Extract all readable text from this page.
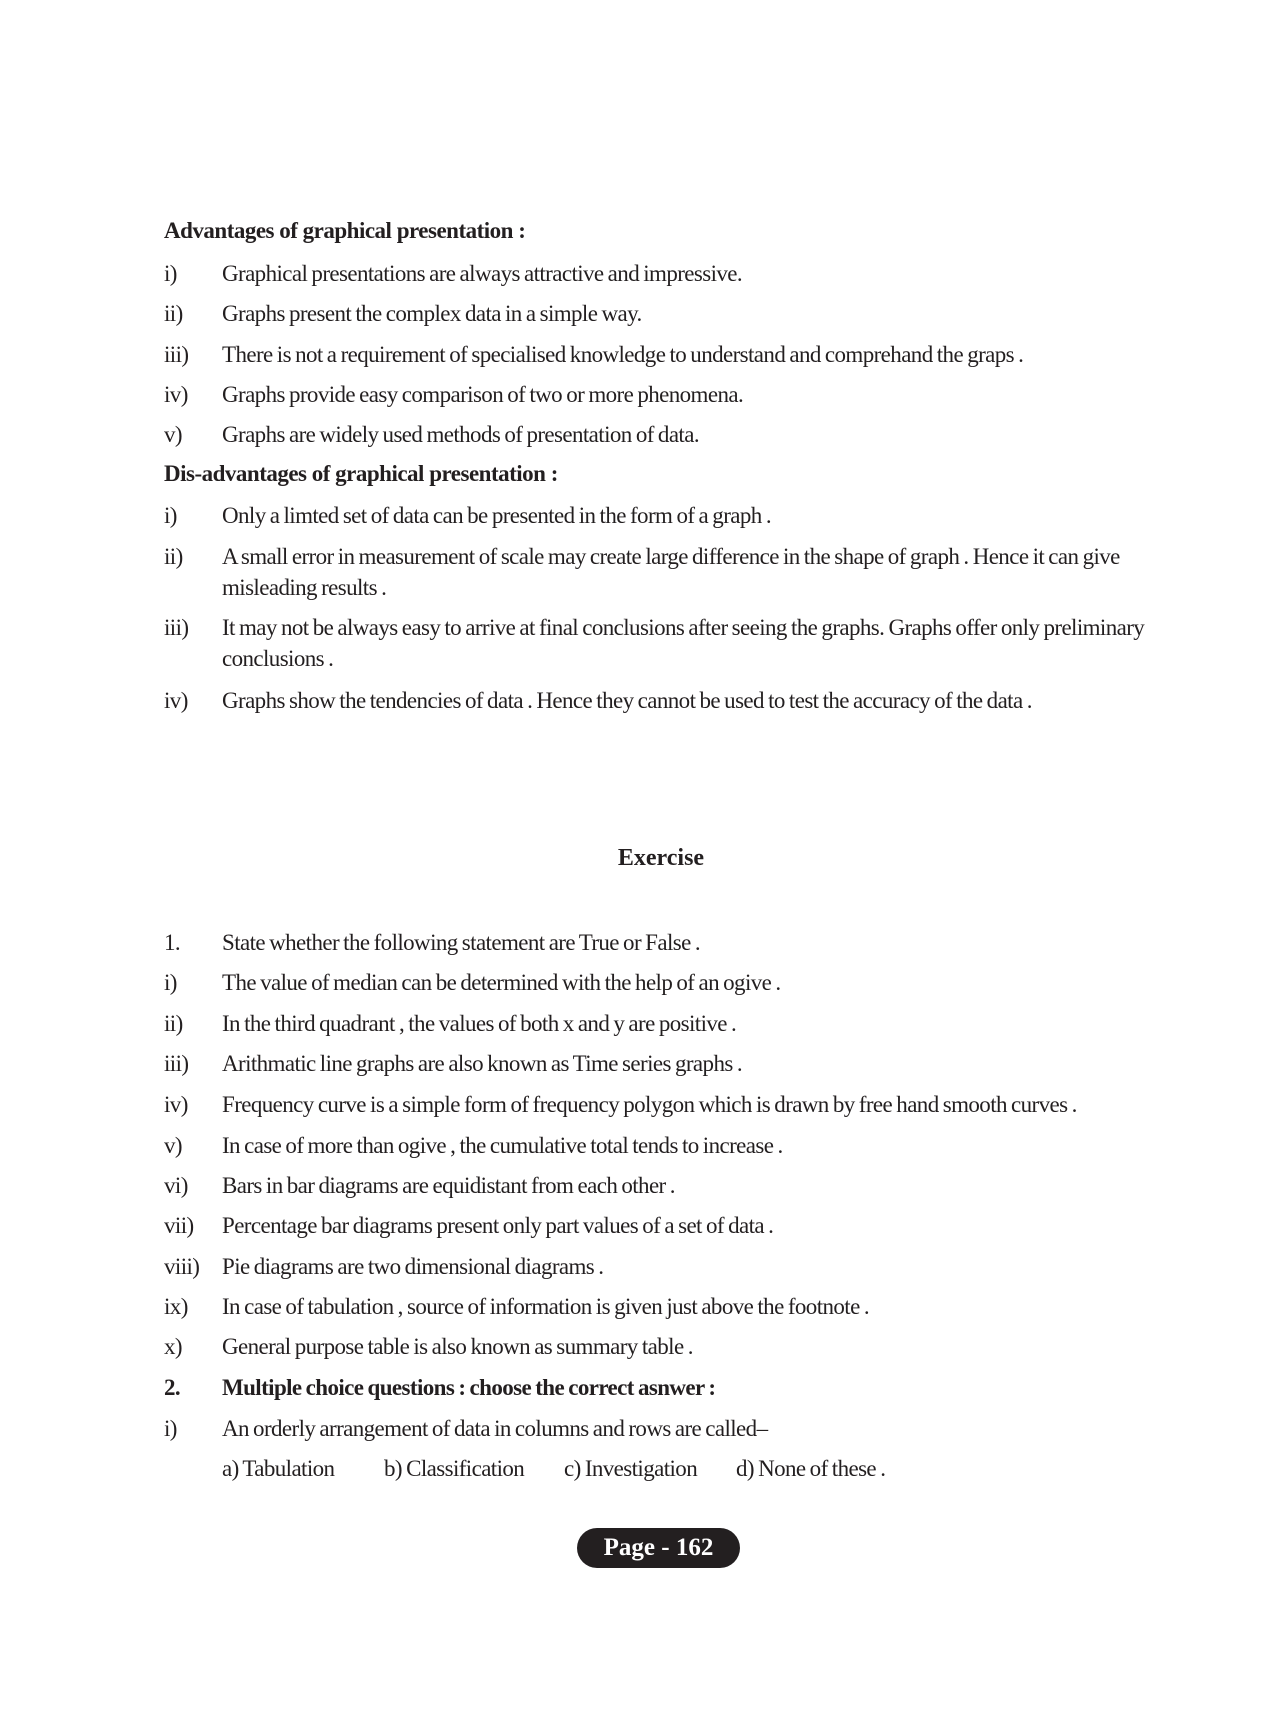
Advantages of graphical presentation :
i) Graphical presentations are always attractive and impressive.
ii) Graphs present the complex data in a simple way.
iii) There is not a requirement of specialised knowledge to understand and comprehand the graps .
iv) Graphs provide easy comparison of two or more phenomena.
v) Graphs are widely used methods of presentation of data.
Dis-advantages of graphical presentation :
i) Only a limted set of data can be presented in the form of a graph .
ii) A small error in measurement of scale may create large difference in the shape of graph . Hence it can give misleading results .
iii) It may not be always easy to arrive at final conclusions after seeing the graphs. Graphs offer only preliminary conclusions .
iv) Graphs show the tendencies of data . Hence they cannot be used to test the accuracy of the data .
Exercise
1. State whether the following statement are True or False .
i) The value of median can be determined with the help of an ogive .
ii) In the third quadrant , the values of both x and y are positive .
iii) Arithmatic line graphs are also known as Time series graphs .
iv) Frequency curve is a simple form of frequency polygon which is drawn by free hand smooth curves .
v) In case of more than ogive , the cumulative total tends to increase .
vi) Bars in bar diagrams are equidistant from each other .
vii) Percentage bar diagrams present only part values of a set of data .
viii) Pie diagrams are two dimensional diagrams .
ix) In case of tabulation , source of information is given just above the footnote .
x) General purpose table is also known as summary table .
2. Multiple choice questions : choose the correct asnwer :
i) An orderly arrangement of data in columns and rows are called–
a) Tabulation b) Classification c) Investigation d) None of these .
Page - 162
